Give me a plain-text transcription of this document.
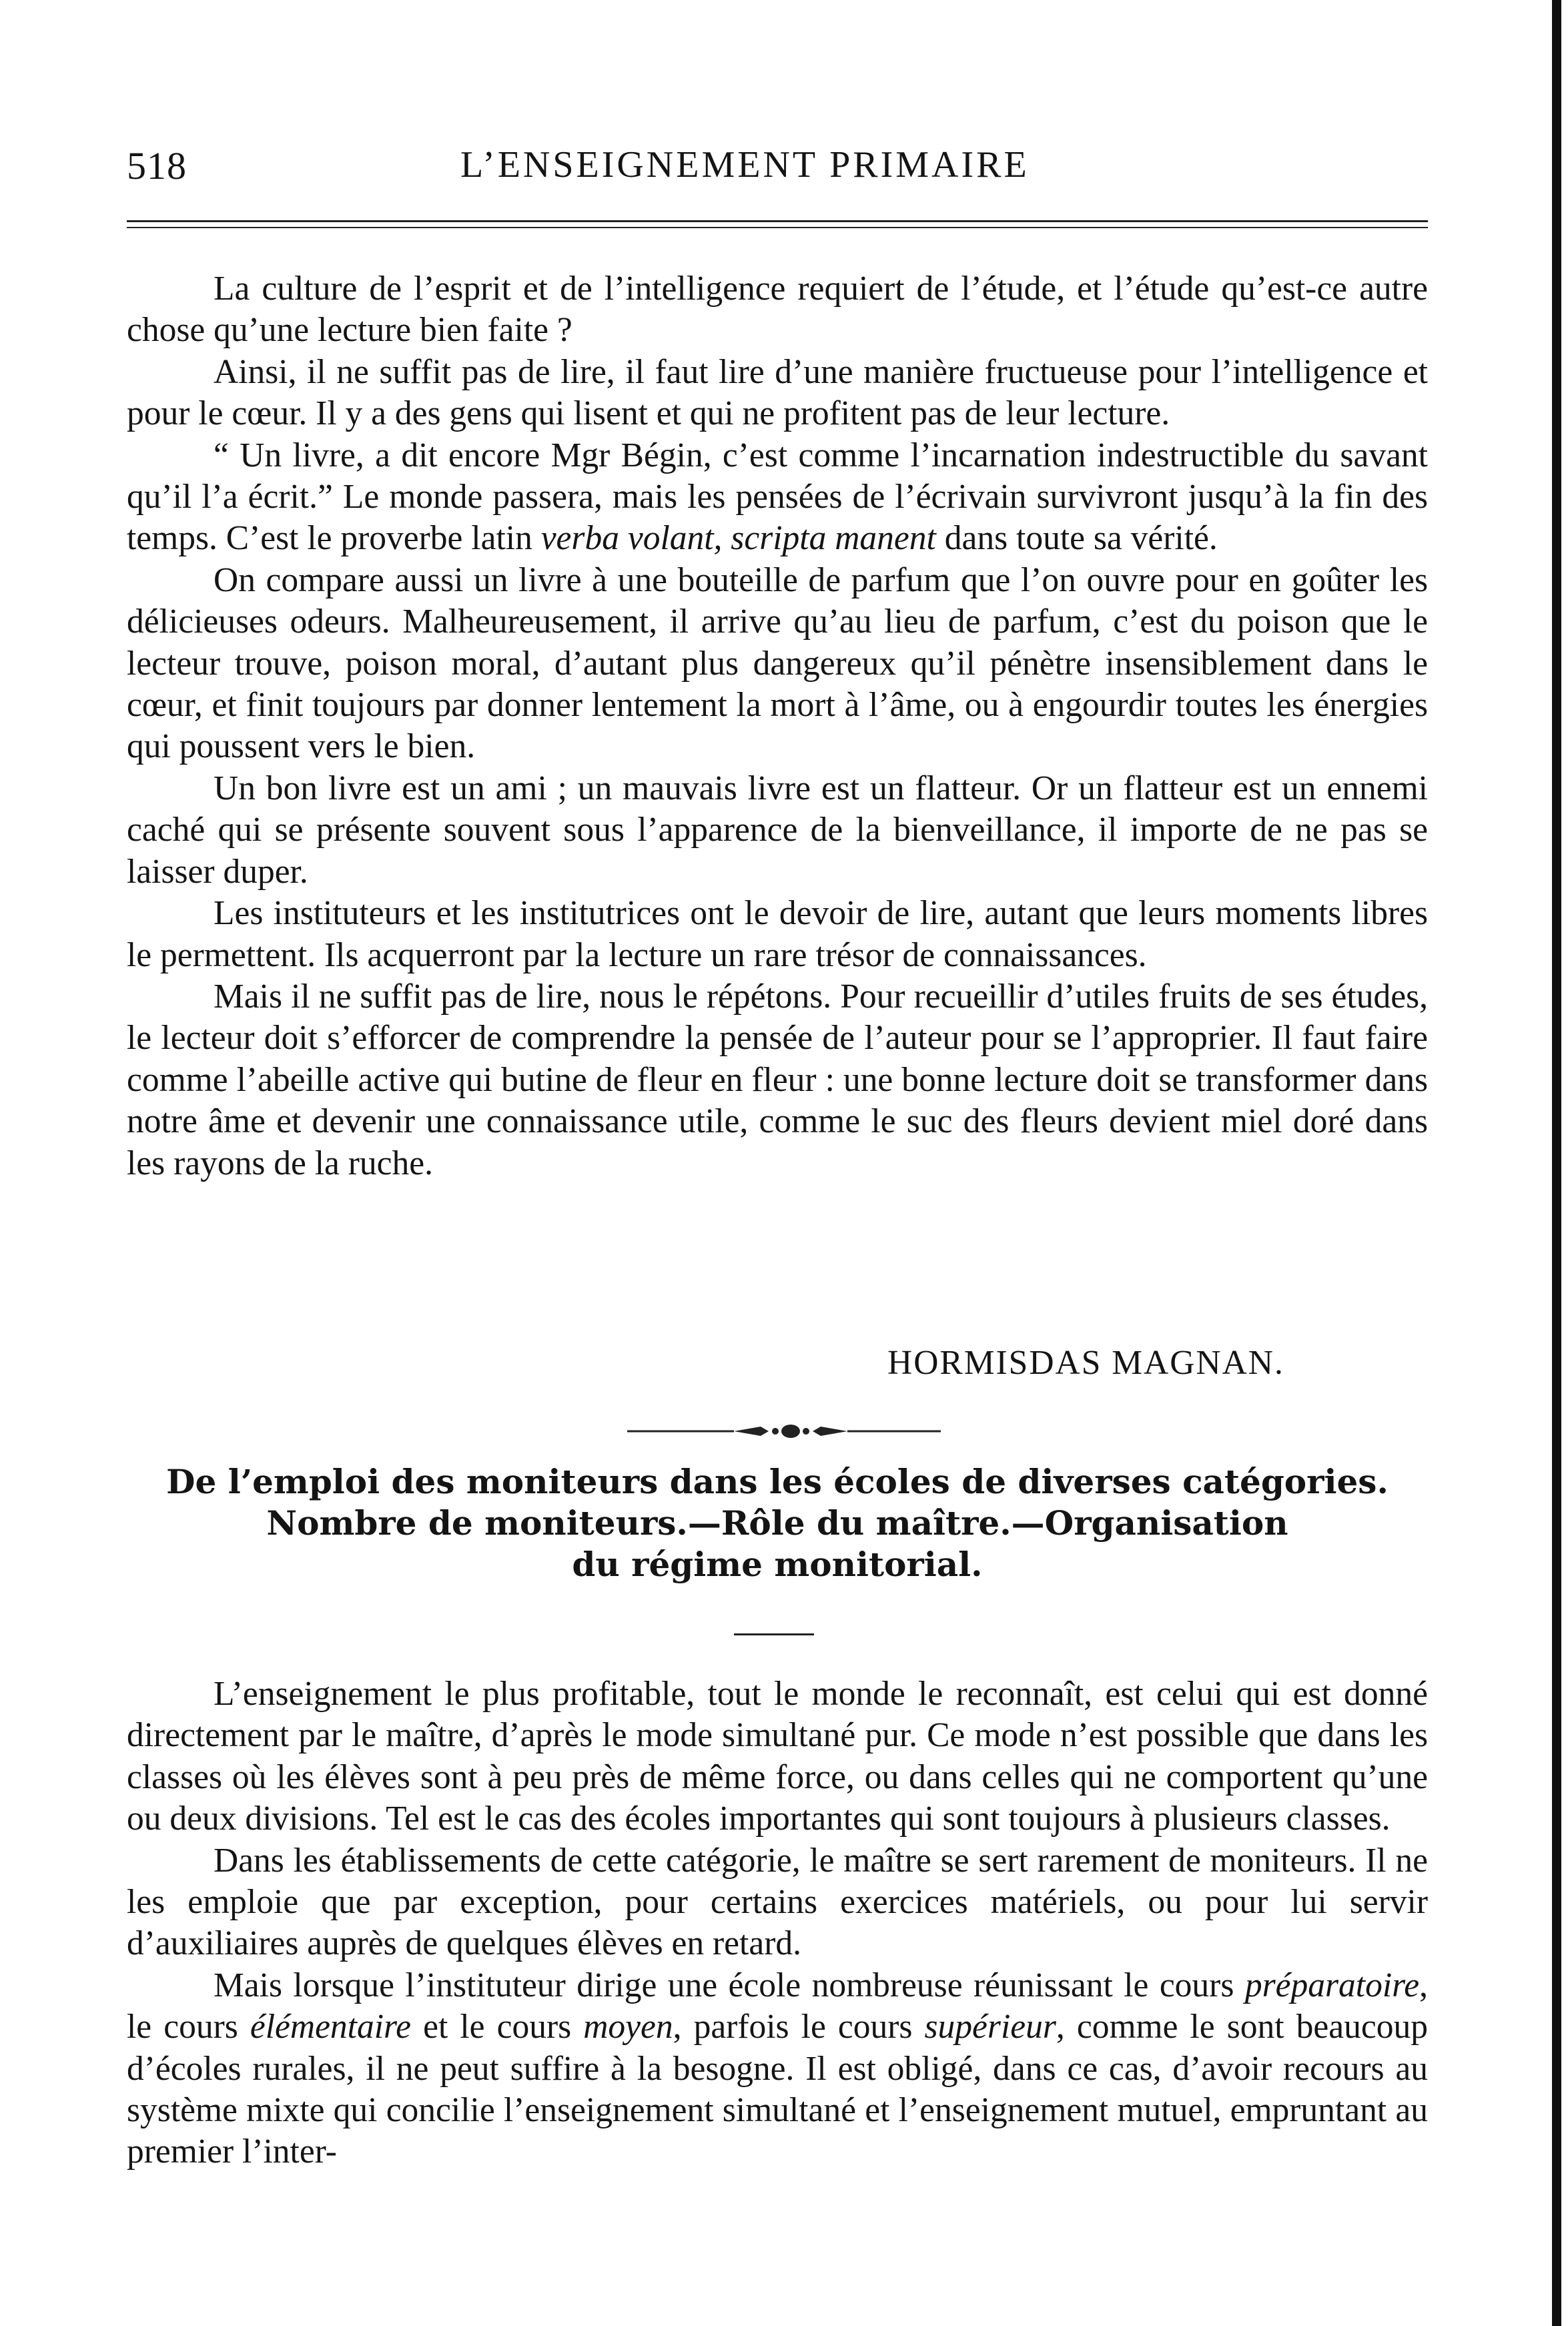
518	L’ENSEIGNEMENT PRIMAIRE

La culture de l’esprit et de l’intelligence requiert de l’étude, et l’étude qu’est-ce autre chose qu’une lecture bien faite ?

Ainsi, il ne suffit pas de lire, il faut lire d’une manière fructueuse pour l’intelligence et pour le cœur. Il y a des gens qui lisent et qui ne profitent pas de leur lecture.

“ Un livre, a dit encore Mgr Bégin, c’est comme l’incarnation indestructible du savant qu’il l’a écrit.” Le monde passera, mais les pensées de l’écrivain survivront jusqu’à la fin des temps. C’est le proverbe latin verba volant, scripta manent dans toute sa vérité.

On compare aussi un livre à une bouteille de parfum que l’on ouvre pour en goûter les délicieuses odeurs. Malheureusement, il arrive qu’au lieu de parfum, c’est du poison que le lecteur trouve, poison moral, d’autant plus dangereux qu’il pénètre insensiblement dans le cœur, et finit toujours par donner lentement la mort à l’âme, ou à engourdir toutes les énergies qui poussent vers le bien.

Un bon livre est un ami ; un mauvais livre est un flatteur. Or un flatteur est un ennemi caché qui se présente souvent sous l’apparence de la bienveillance, il importe de ne pas se laisser duper.

Les instituteurs et les institutrices ont le devoir de lire, autant que leurs moments libres le permettent. Ils acquerront par la lecture un rare trésor de connaissances.

Mais il ne suffit pas de lire, nous le répétons. Pour recueillir d’utiles fruits de ses études, le lecteur doit s’efforcer de comprendre la pensée de l’auteur pour se l’approprier. Il faut faire comme l’abeille active qui butine de fleur en fleur : une bonne lecture doit se transformer dans notre âme et devenir une connaissance utile, comme le suc des fleurs devient miel doré dans les rayons de la ruche.

HORMISDAS MAGNAN.
De l’emploi des moniteurs dans les écoles de diverses catégories.
Nombre de moniteurs.—Rôle du maître.—Organisation
du régime monitorial.

L’enseignement le plus profitable, tout le monde le reconnaît, est celui qui est donné directement par le maître, d’après le mode simultané pur. Ce mode n’est possible que dans les classes où les élèves sont à peu près de même force, ou dans celles qui ne comportent qu’une ou deux divisions. Tel est le cas des écoles importantes qui sont toujours à plusieurs classes.

Dans les établissements de cette catégorie, le maître se sert rarement de moniteurs. Il ne les emploie que par exception, pour certains exercices matériels, ou pour lui servir d’auxiliaires auprès de quelques élèves en retard.

Mais lorsque l’instituteur dirige une école nombreuse réunissant le cours préparatoire, le cours élémentaire et le cours moyen, parfois le cours supérieur, comme le sont beaucoup d’écoles rurales, il ne peut suffire à la besogne. Il est obligé, dans ce cas, d’avoir recours au système mixte qui concilie l’enseignement simultané et l’enseignement mutuel, empruntant au premier l’inter-
